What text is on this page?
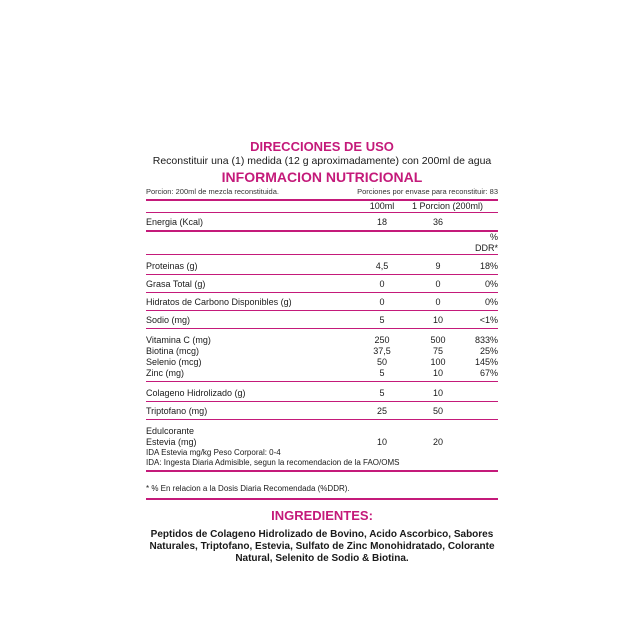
DIRECCIONES DE USO
Reconstituir una (1) medida (12 g aproximadamente) con 200ml de agua
INFORMACION NUTRICIONAL
Porcion: 200ml de mezcla reconstituida.	Porciones por envase para reconstituir: 83
	100ml	1 Porcion (200ml)	
Energia (Kcal)	18	36	
			% DDR*
Proteinas (g)	4,5	9	18%
Grasa Total (g)	0	0	0%
Hidratos de Carbono Disponibles (g)	0	0	0%
Sodio (mg)	5	10	<1%
Vitamina C (mg)	250	500	833%
Biotina (mcg)	37,5	75	25%
Selenio (mcg)	50	100	145%
Zinc (mg)	5	10	67%
Colageno Hidrolizado (g)	5	10	
Triptofano (mg)	25	50	
Edulcorante			
Estevia (mg)	10	20	
IDA Estevia mg/kg Peso Corporal: 0-4
IDA: Ingesta Diaria Admisible, segun la recomendacion de la FAO/OMS
* % En relacion a la Dosis Diaria Recomendada (%DDR).
INGREDIENTES:
Peptidos de Colageno Hidrolizado de Bovino, Acido Ascorbico, Sabores Naturales, Triptofano, Estevia, Sulfato de Zinc Monohidratado, Colorante Natural, Selenito de Sodio & Biotina.
